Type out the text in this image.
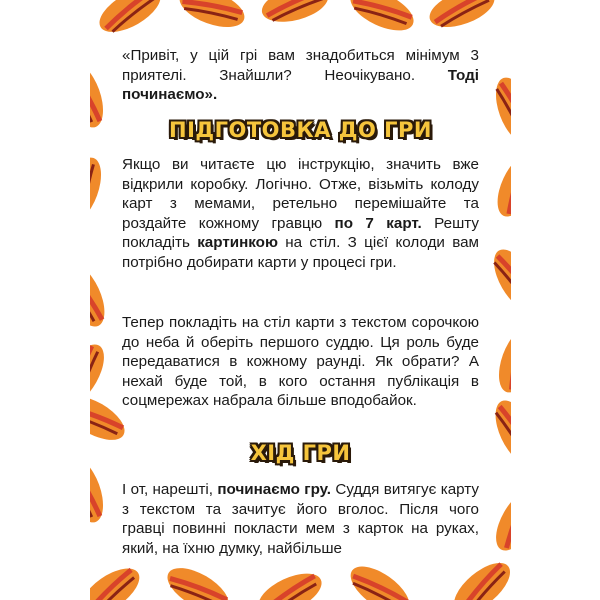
«Привіт, у цій грі вам знадобиться мінімум 3 приятелі. Знайшли? Неочікувано. Тоді починаємо».

ПІДГОТОВКА ДО ГРИ

Якщо ви читаєте цю інструкцію, значить вже відкрили коробку. Логічно. Отже, візьміть колоду карт з мемами, ретельно перемішайте та роздайте кожному гравцю по 7 карт. Решту покладіть картинкою на стіл. З цієї колоди вам потрібно добирати карти у процесі гри.

Тепер покладіть на стіл карти з текстом сорочкою до неба й оберіть першого суддю. Ця роль буде передаватися в кожному раунді. Як обрати? А нехай буде той, в кого остання публікація в соцмережах набрала більше вподобайок.

ХІД ГРИ

І от, нарешті, починаємо гру. Суддя витягує карту з текстом та зачитує його вголос. Після чого гравці повинні покласти мем з карток на руках, який, на їхню думку, найбільше
